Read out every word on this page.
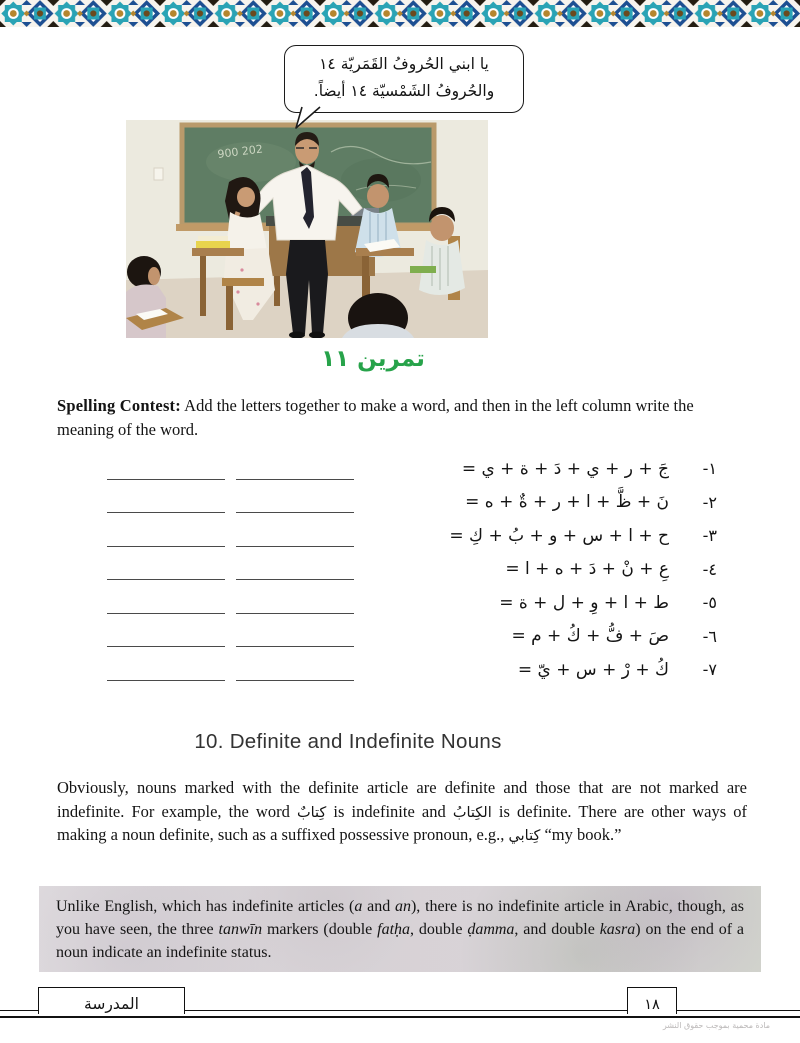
يا ابني الحُروفُ القَمَريّة ١٤
والحُروفُ الشَمْسيّة ١٤ أيضاً.
900 202
تمرين ١١
Spelling Contest: Add the letters together to make a word, and then in the left column write the meaning of the word.
١-
جَ + ر + ي + دَ + ة + ي =
٢-
نَ + ظَّ + ا + ر + ةٌ + ه =
٣-
ح + ا + س + و + بُ + كِ =
٤-
عِ + نْ + دَ + ه + ا =
٥-
ط + ا + وِ + ل + ة =
٦-
صَ + فُّ + كُ + م =
٧-
كُ + رْ + س + يّ =
10. Definite and Indefinite Nouns
Obviously, nouns marked with the definite article are definite and those that are not marked are indefinite. For example, the word كِتابٌ is indefinite and الكِتابُ is definite. There are other ways of making a noun definite, such as a suffixed possessive pronoun, e.g., كِتابي “my book.”
Unlike English, which has indefinite articles (a and an), there is no indefinite article in Arabic, though, as you have seen, the three tanwīn markers (double fatḥa, double ḍamma, and double kasra) on the end of a noun indicate an indefinite status.
المدرسة	١٨
مادة محمية بموجب حقوق النشر
